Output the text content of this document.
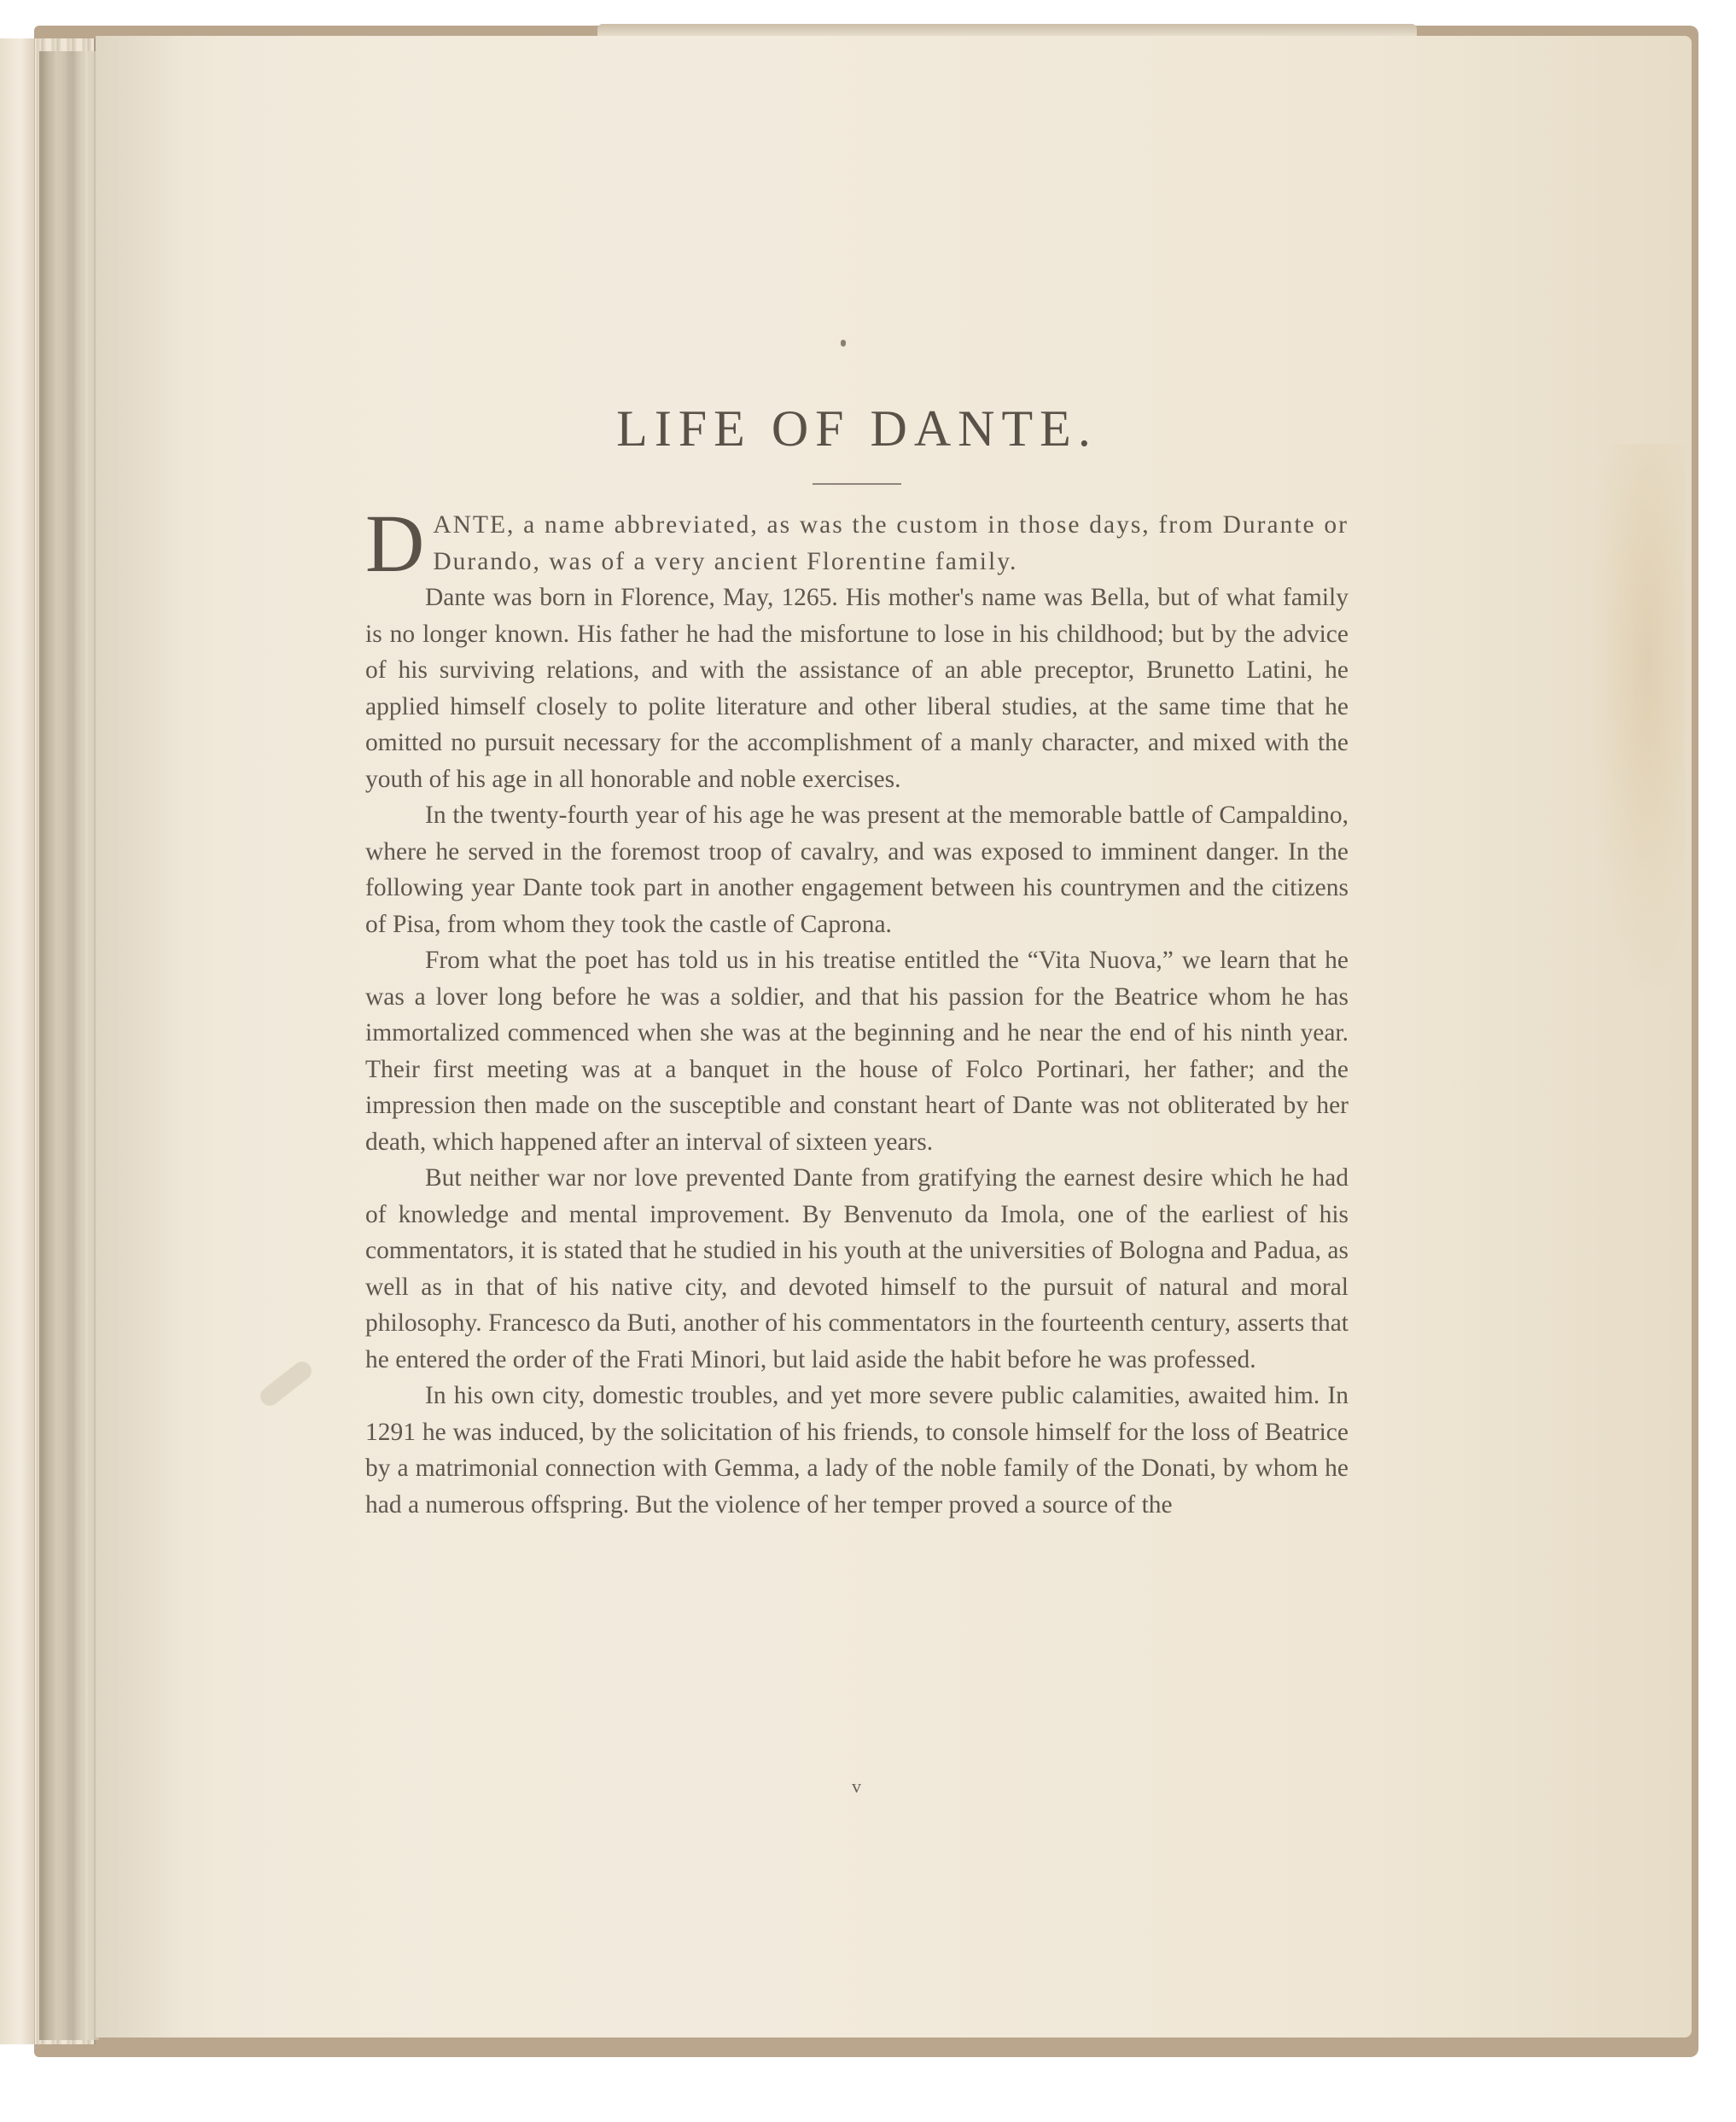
LIFE OF DANTE.

DANTE, a name abbreviated, as was the custom in those days, from Durante or Durando, was of a very ancient Florentine family.

Dante was born in Florence, May, 1265. His mother's name was Bella, but of what family is no longer known. His father he had the misfortune to lose in his childhood; but by the advice of his surviving relations, and with the assistance of an able preceptor, Brunetto Latini, he applied himself closely to polite literature and other liberal studies, at the same time that he omitted no pursuit necessary for the accomplishment of a manly character, and mixed with the youth of his age in all honorable and noble exercises.

In the twenty-fourth year of his age he was present at the memorable battle of Campaldino, where he served in the foremost troop of cavalry, and was exposed to imminent danger. In the following year Dante took part in another engagement between his countrymen and the citizens of Pisa, from whom they took the castle of Caprona.

From what the poet has told us in his treatise entitled the “Vita Nuova,” we learn that he was a lover long before he was a soldier, and that his passion for the Beatrice whom he has immortalized commenced when she was at the beginning and he near the end of his ninth year. Their first meeting was at a banquet in the house of Folco Portinari, her father; and the impression then made on the susceptible and constant heart of Dante was not obliterated by her death, which happened after an interval of sixteen years.

But neither war nor love prevented Dante from gratifying the earnest desire which he had of knowledge and mental improvement. By Benvenuto da Imola, one of the earliest of his commentators, it is stated that he studied in his youth at the universities of Bologna and Padua, as well as in that of his native city, and devoted himself to the pursuit of natural and moral philosophy. Francesco da Buti, another of his commentators in the fourteenth century, asserts that he entered the order of the Frati Minori, but laid aside the habit before he was professed.

In his own city, domestic troubles, and yet more severe public calamities, awaited him. In 1291 he was induced, by the solicitation of his friends, to console himself for the loss of Beatrice by a matrimonial connection with Gemma, a lady of the noble family of the Donati, by whom he had a numerous offspring. But the violence of her temper proved a source of the

v
